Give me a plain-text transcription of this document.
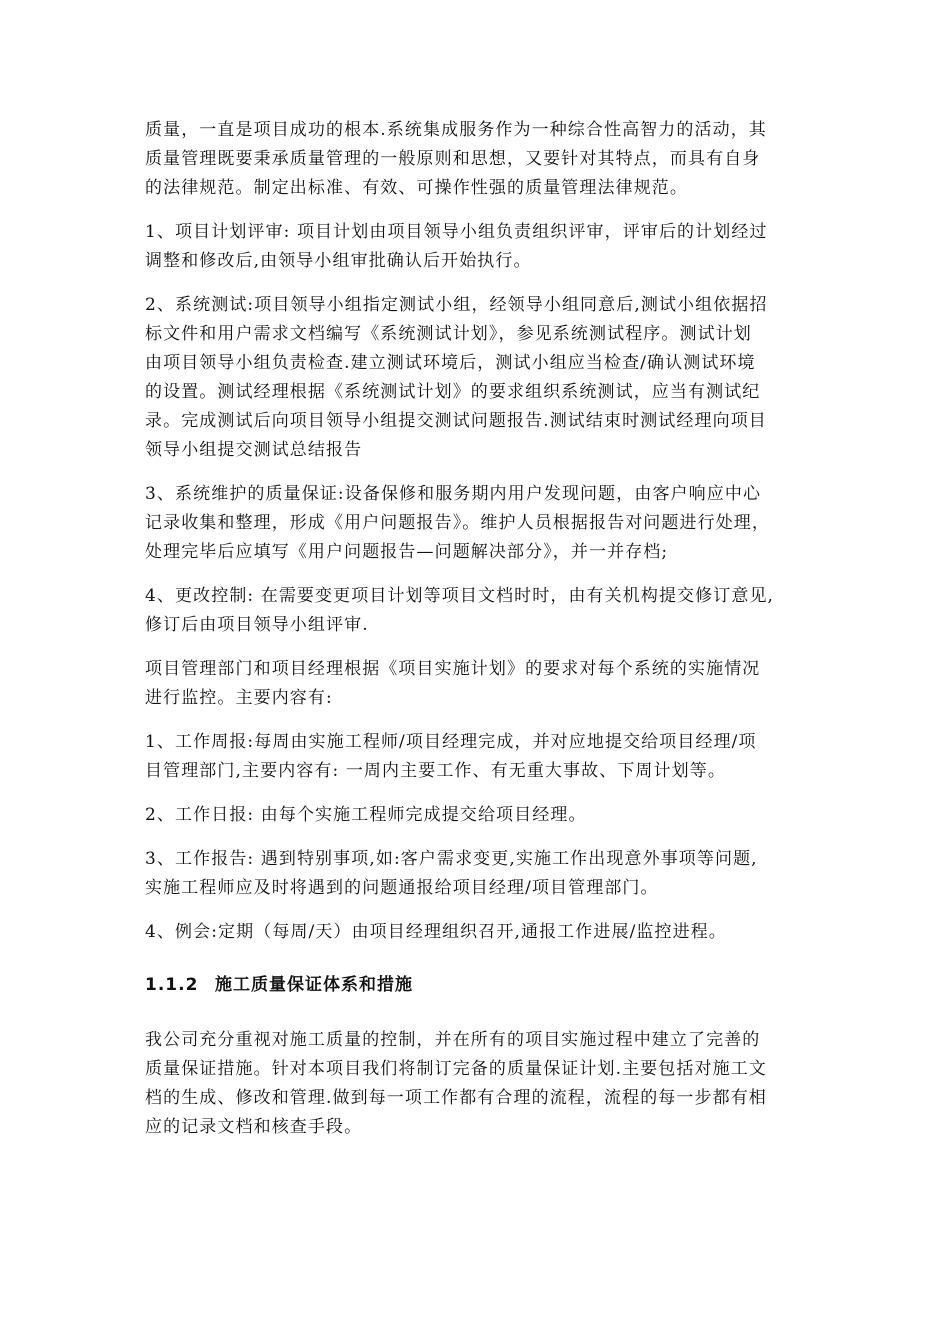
质量，一直是项目成功的根本.系统集成服务作为一种综合性高智力的活动，其
质量管理既要秉承质量管理的一般原则和思想，又要针对其特点，而具有自身
的法律规范。制定出标准、有效、可操作性强的质量管理法律规范。

1、项目计划评审: 项目计划由项目领导小组负责组织评审，评审后的计划经过
调整和修改后,由领导小组审批确认后开始执行。

2、系统测试:项目领导小组指定测试小组，经领导小组同意后,测试小组依据招
标文件和用户需求文档编写《系统测试计划》，参见系统测试程序。测试计划
由项目领导小组负责检查.建立测试环境后，测试小组应当检查/确认测试环境
的设置。测试经理根据《系统测试计划》的要求组织系统测试，应当有测试纪
录。完成测试后向项目领导小组提交测试问题报告.测试结束时测试经理向项目
领导小组提交测试总结报告

3、系统维护的质量保证:设备保修和服务期内用户发现问题，由客户响应中心
记录收集和整理，形成《用户问题报告》。维护人员根据报告对问题进行处理，
处理完毕后应填写《用户问题报告—问题解决部分》，并一并存档;

4、更改控制: 在需要变更项目计划等项目文档时时，由有关机构提交修订意见,
修订后由项目领导小组评审.

项目管理部门和项目经理根据《项目实施计划》的要求对每个系统的实施情况
进行监控。主要内容有:

1、工作周报:每周由实施工程师/项目经理完成，并对应地提交给项目经理/项
目管理部门,主要内容有: 一周内主要工作、有无重大事故、下周计划等。

2、工作日报: 由每个实施工程师完成提交给项目经理。

3、工作报告: 遇到特别事项,如:客户需求变更,实施工作出现意外事项等问题,
实施工程师应及时将遇到的问题通报给项目经理/项目管理部门。

4、例会:定期（每周/天）由项目经理组织召开,通报工作进展/监控进程。

1.1.2 施工质量保证体系和措施

我公司充分重视对施工质量的控制，并在所有的项目实施过程中建立了完善的
质量保证措施。针对本项目我们将制订完备的质量保证计划.主要包括对施工文
档的生成、修改和管理.做到每一项工作都有合理的流程，流程的每一步都有相
应的记录文档和核查手段。
